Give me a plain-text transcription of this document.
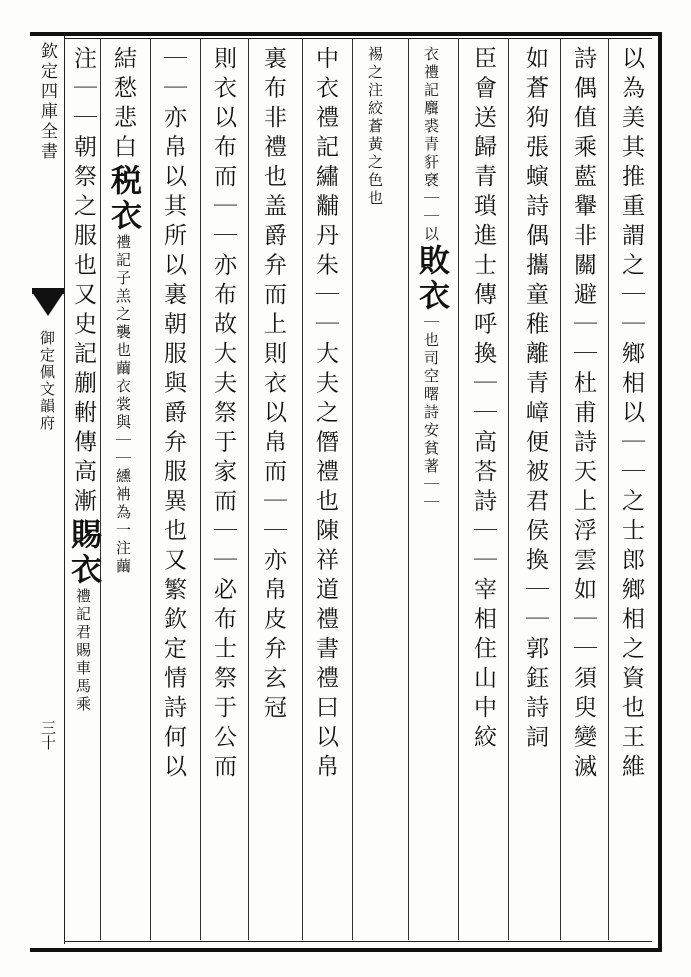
欽定四庫全書
御定佩文韻府
三十	以為美其推重謂之｜｜鄉相以｜｜之士郎鄉相之資也王維
詩偶值乘藍轝非關避｜｜杜甫詩天上浮雲如｜｜須臾變滅
如蒼狗張螾詩偶攜童稚離青嶂便被君侯換｜｜郭鈺詩詞
臣會送歸青瑣進士傳呼換｜｜高荅詩｜｜宰相住山中絞
衣禮記麛裘青豻褎｜｜以敗衣｜也司空曙詩安貧著｜｜
裼之注絞蒼黃之色也
中衣禮記繡黼丹朱｜｜大夫之僭禮也陳祥道禮書禮曰以帛
裏布非禮也盖爵弁而上則衣以帛而｜｜亦帛皮弁玄冠
則衣以布而｜｜亦布故大夫祭于家而｜｜必布士祭于公而
｜｜亦帛以其所以裏朝服與爵弁服異也又繁欽定情詩何以
結愁悲白税衣禮記子羔之襲也繭衣裳與｜｜纁袡為一注繭
注｜｜朝祭之服也又史記蒯軵傳高漸賜衣禮記君賜車馬乘
